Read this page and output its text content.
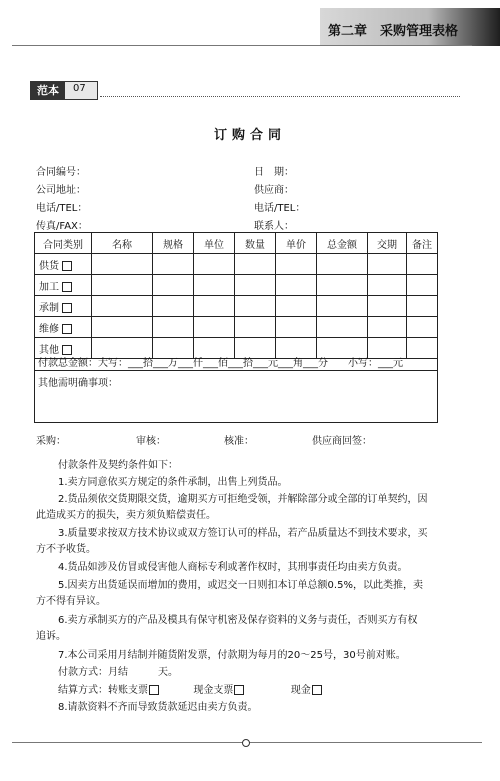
第二章　采购管理表格
范本	07
订购合同
合同编号：	日　期：
公司地址：	供应商：
电话/TEL：	电话/TEL：
传真/FAX：	联系人：
合同类别	名称	规格	单位	数量	单价	总金额	交期	备注
供货								
加工								
承制								
维修								
其他								
付款总金额：大写：___拾___万___仟___佰___拾___元___角___分　　小写：___元
其他需明确事项：
采购：	审核：	核准：	供应商回签：
付款条件及契约条件如下：
1.卖方同意依买方规定的条件承制，出售上列货品。
2.货品须依交货期限交货，逾期买方可拒绝受领，并解除部分或全部的订单契约，因
此造成买方的损失，卖方须负赔偿责任。
3.质量要求按双方技术协议或双方签订认可的样品，若产品质量达不到技术要求，买
方不予收货。
4.货品如涉及仿冒或侵害他人商标专利或著作权时，其刑事责任均由卖方负责。
5.因卖方出货延误而增加的费用，或迟交一日则扣本订单总额0.5%，以此类推，卖
方不得有异议。
6.卖方承制买方的产品及模具有保守机密及保存资料的义务与责任，否则买方有权
追诉。
7.本公司采用月结制并随货附发票，付款期为每月的20～25号，30号前对账。
付款方式：月结　　　天。
结算方式：转账支票	现金支票	现金
8.请款资料不齐而导致货款延迟由卖方负责。
